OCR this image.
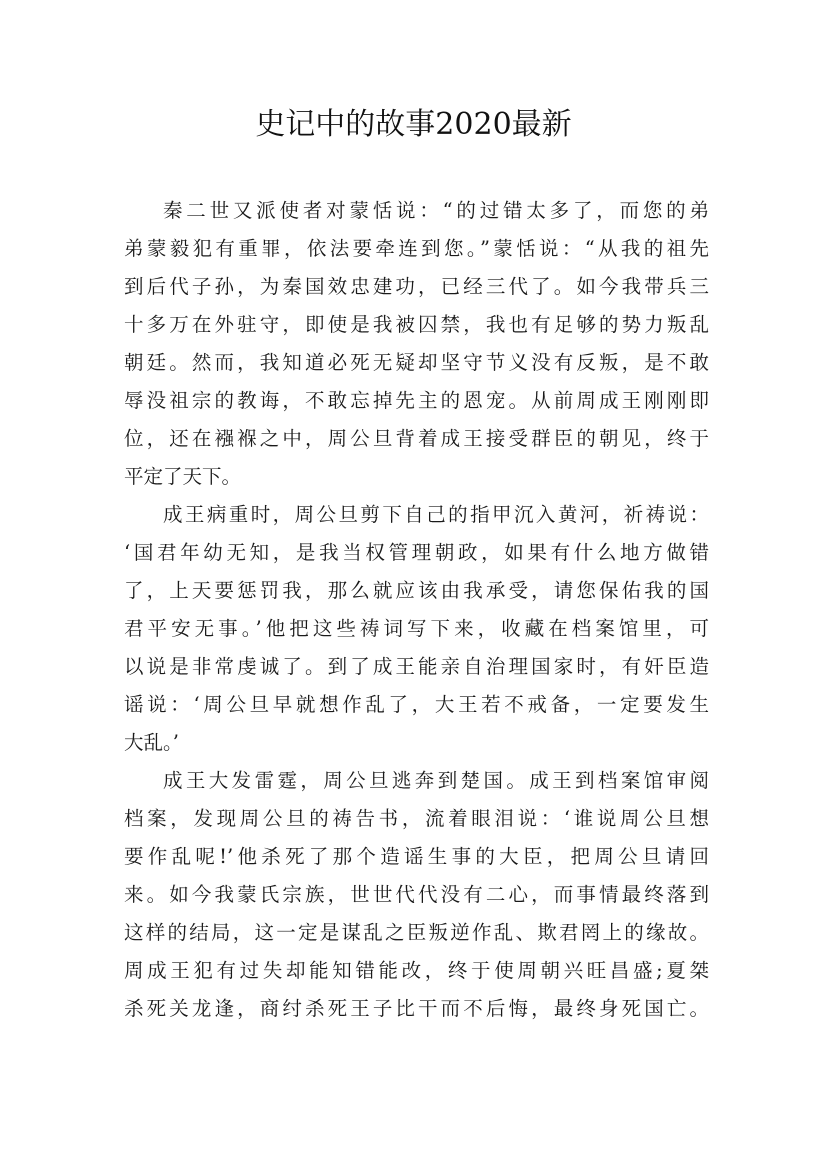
史记中的故事2020最新
秦二世又派使者对蒙恬说：“的过错太多了，而您的弟
弟蒙毅犯有重罪，依法要牵连到您。”蒙恬说：“从我的祖先
到后代子孙，为秦国效忠建功，已经三代了。如今我带兵三
十多万在外驻守，即使是我被囚禁，我也有足够的势力叛乱
朝廷。然而，我知道必死无疑却坚守节义没有反叛，是不敢
辱没祖宗的教诲，不敢忘掉先主的恩宠。从前周成王刚刚即
位，还在襁褓之中，周公旦背着成王接受群臣的朝见，终于
平定了天下。
成王病重时，周公旦剪下自己的指甲沉入黄河，祈祷说：
‘国君年幼无知，是我当权管理朝政，如果有什么地方做错
了，上天要惩罚我，那么就应该由我承受，请您保佑我的国
君平安无事。’他把这些祷词写下来，收藏在档案馆里，可
以说是非常虔诚了。到了成王能亲自治理国家时，有奸臣造
谣说：‘周公旦早就想作乱了，大王若不戒备，一定要发生
大乱。’
成王大发雷霆，周公旦逃奔到楚国。成王到档案馆审阅
档案，发现周公旦的祷告书，流着眼泪说：‘谁说周公旦想
要作乱呢!’他杀死了那个造谣生事的大臣，把周公旦请回
来。如今我蒙氏宗族，世世代代没有二心，而事情最终落到
这样的结局，这一定是谋乱之臣叛逆作乱、欺君罔上的缘故。
周成王犯有过失却能知错能改，终于使周朝兴旺昌盛;夏桀
杀死关龙逢，商纣杀死王子比干而不后悔，最终身死国亡。
